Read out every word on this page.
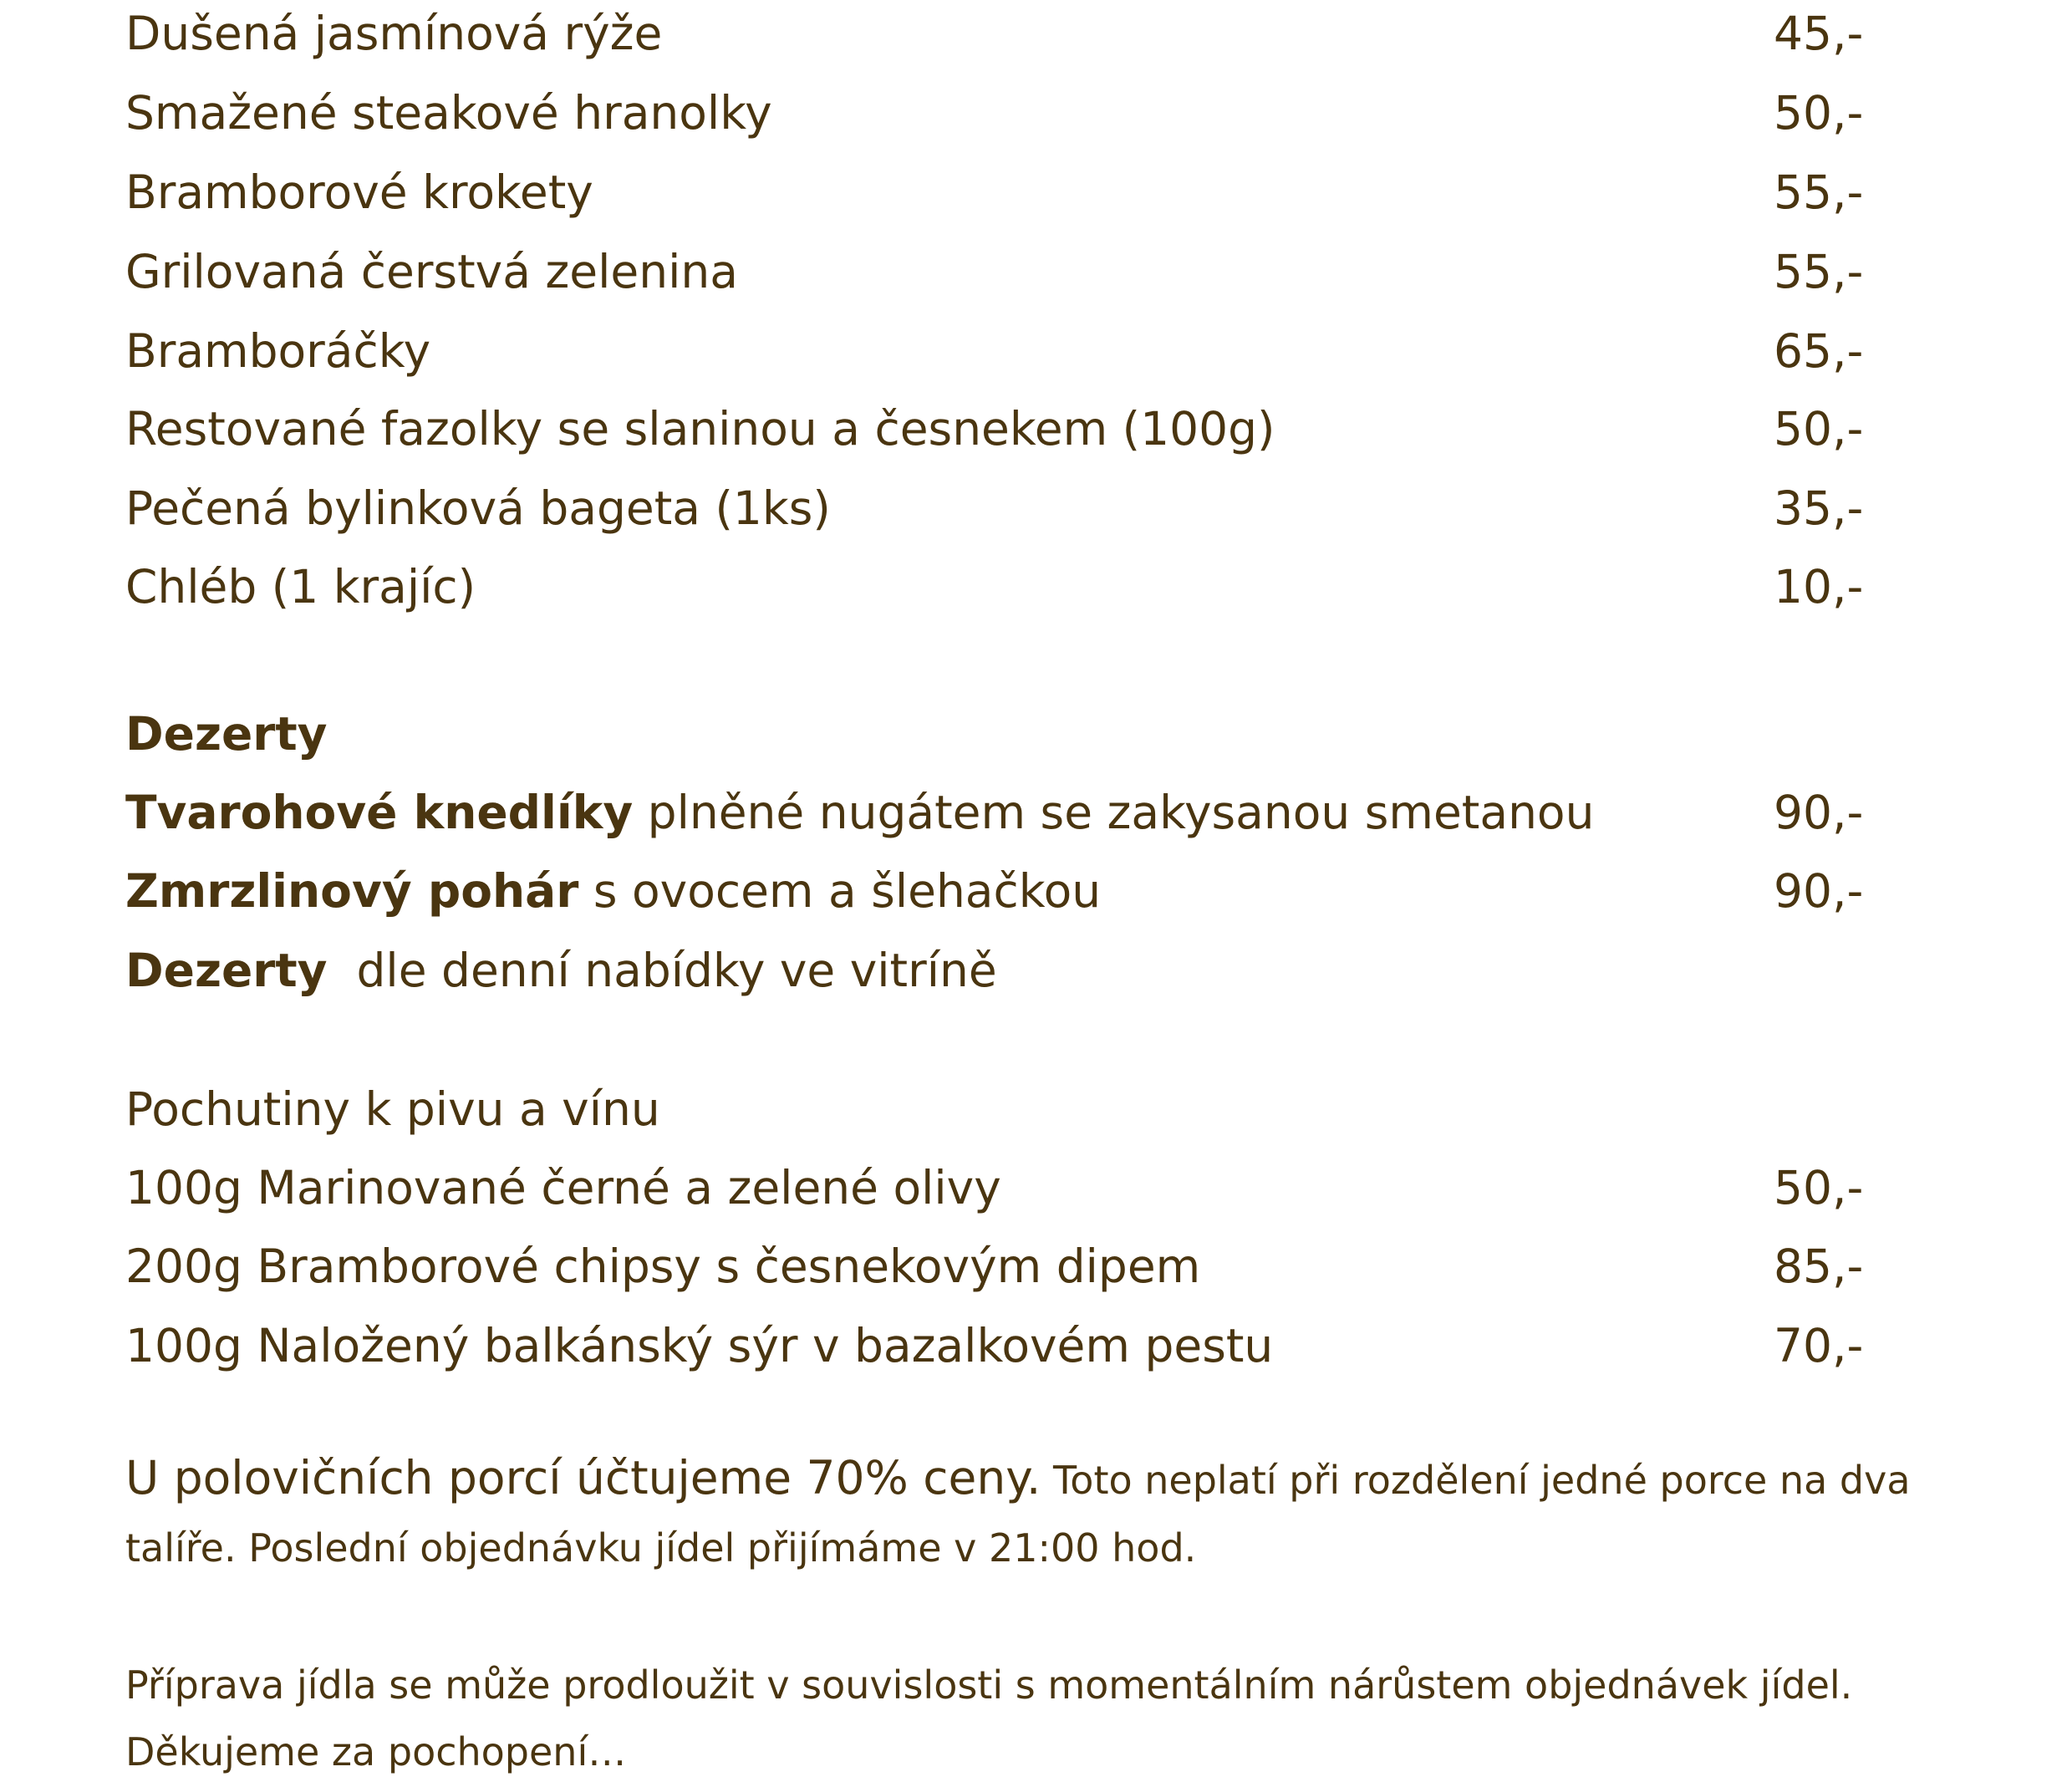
Dušená jasmínová rýže	45,-
Smažené steakové hranolky	50,-
Bramborové krokety	55,-
Grilovaná čerstvá zelenina	55,-
Bramboráčky	65,-
Restované fazolky se slaninou a česnekem (100g)	50,-
Pečená bylinková bageta (1ks)	35,-
Chléb (1 krajíc)	10,-
Dezerty
Tvarohové knedlíky plněné nugátem se zakysanou smetanou	90,-
Zmrzlinový pohár s ovocem a šlehačkou	90,-
Dezerty  dle denní nabídky ve vitríně
Pochutiny k pivu a vínu
100g Marinované černé a zelené olivy	50,-
200g Bramborové chipsy s česnekovým dipem	85,-
100g Naložený balkánský sýr v bazalkovém pestu	70,-
U polovičních porcí účtujeme 70% ceny. Toto neplatí při rozdělení jedné porce na dva
talíře. Poslední objednávku jídel přijímáme v 21:00 hod.
Příprava jídla se může prodloužit v souvislosti s momentálním nárůstem objednávek jídel.
Děkujeme za pochopení…
